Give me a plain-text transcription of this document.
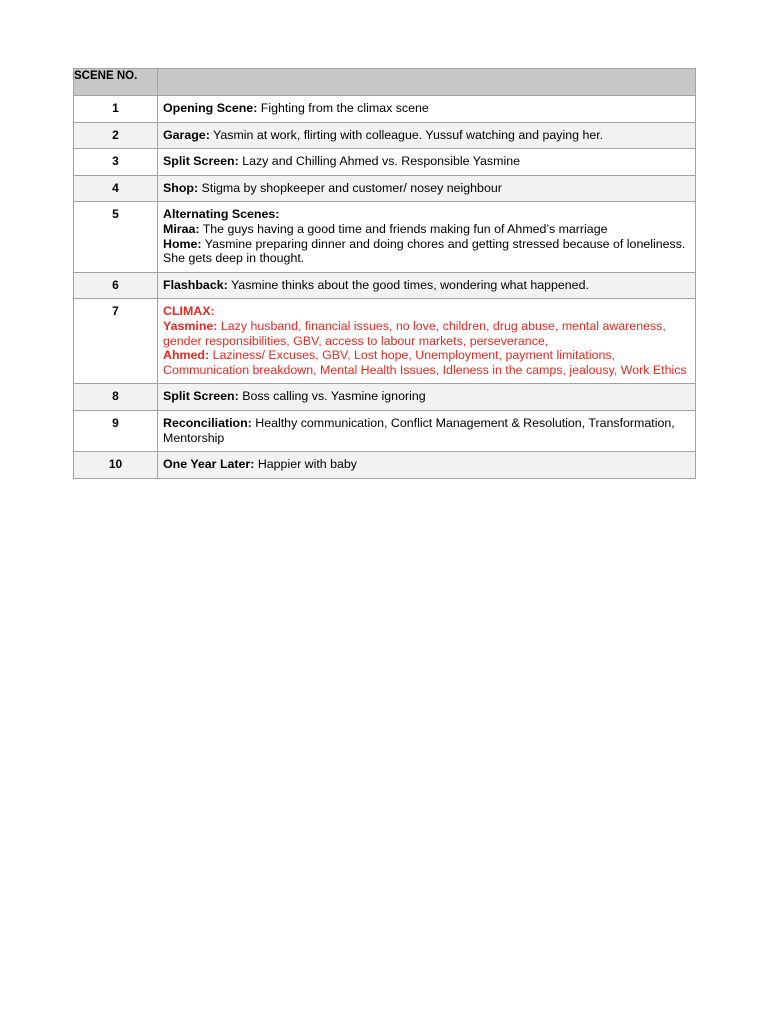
SCENE NO.	
1	Opening Scene: Fighting from the climax scene

2	Garage: Yasmin at work, flirting with colleague. Yussuf watching and paying her.

3	Split Screen: Lazy and Chilling Ahmed vs. Responsible Yasmine

4	Shop: Stigma by shopkeeper and customer/ nosey neighbour

5	Alternating Scenes:
Miraa: The guys having a good time and friends making fun of Ahmed’s marriage
Home: Yasmine preparing dinner and doing chores and getting stressed because of loneliness. She gets deep in thought.

6	Flashback: Yasmine thinks about the good times, wondering what happened.

7	CLIMAX:
Yasmine: Lazy husband, financial issues, no love, children, drug abuse, mental awareness, gender responsibilities, GBV, access to labour markets, perseverance,
Ahmed: Laziness/ Excuses, GBV, Lost hope, Unemployment, payment limitations, Communication breakdown, Mental Health Issues, Idleness in the camps, jealousy, Work Ethics

8	Split Screen: Boss calling vs. Yasmine ignoring

9	Reconciliation: Healthy communication, Conflict Management & Resolution, Transformation, Mentorship

10	One Year Later: Happier with baby
